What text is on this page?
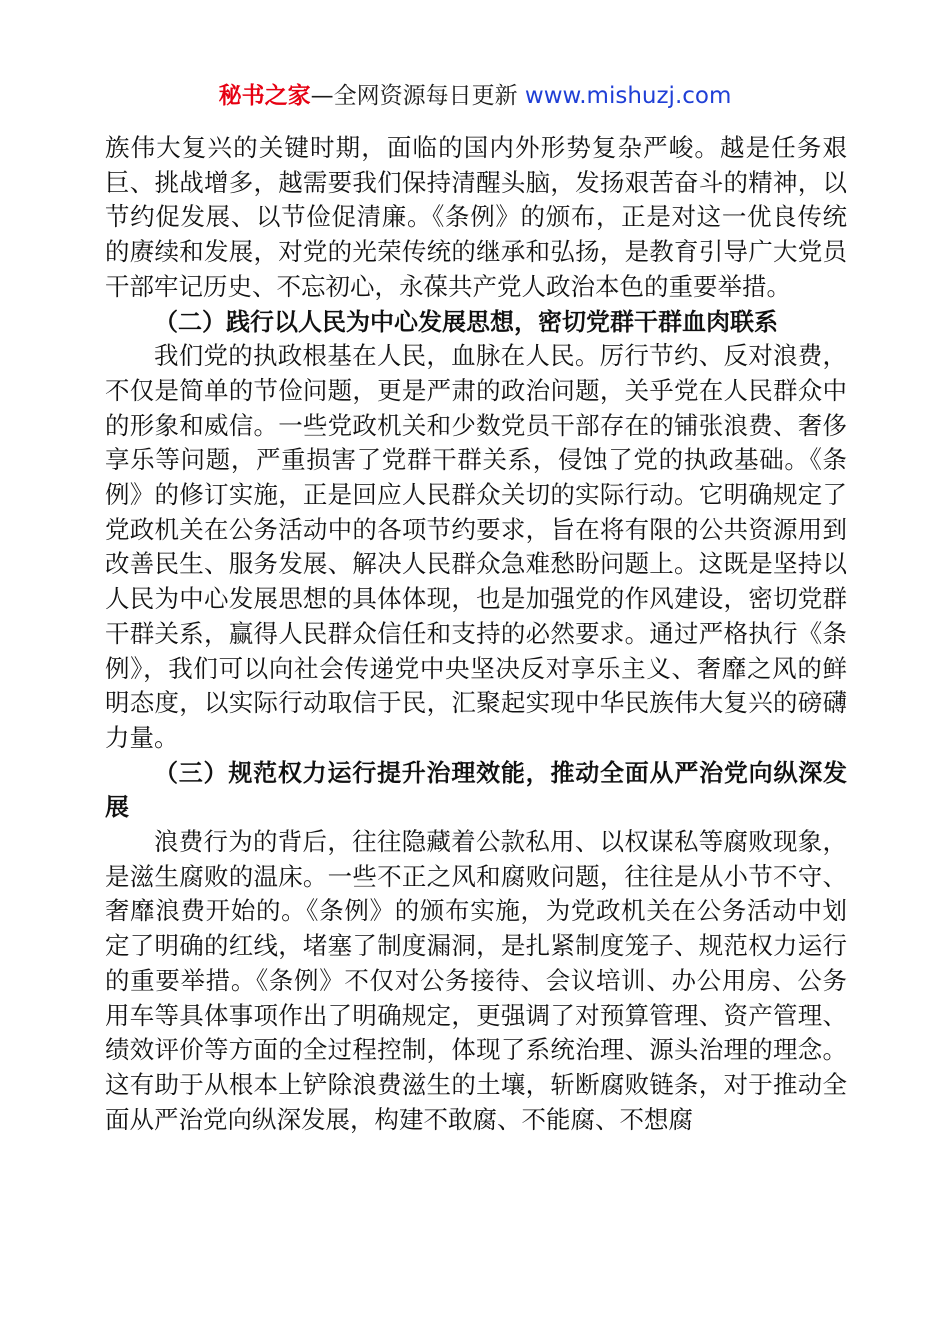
秘书之家—全网资源每日更新 www.mishuzj.com

族伟大复兴的关键时期，面临的国内外形势复杂严峻。越是任务艰巨、挑战增多，越需要我们保持清醒头脑，发扬艰苦奋斗的精神，以节约促发展、以节俭促清廉。《条例》的颁布，正是对这一优良传统的赓续和发展，对党的光荣传统的继承和弘扬，是教育引导广大党员干部牢记历史、不忘初心，永葆共产党人政治本色的重要举措。

（二）践行以人民为中心发展思想，密切党群干群血肉联系

我们党的执政根基在人民，血脉在人民。厉行节约、反对浪费，不仅是简单的节俭问题，更是严肃的政治问题，关乎党在人民群众中的形象和威信。一些党政机关和少数党员干部存在的铺张浪费、奢侈享乐等问题，严重损害了党群干群关系，侵蚀了党的执政基础。《条例》的修订实施，正是回应人民群众关切的实际行动。它明确规定了党政机关在公务活动中的各项节约要求，旨在将有限的公共资源用到改善民生、服务发展、解决人民群众急难愁盼问题上。这既是坚持以人民为中心发展思想的具体体现，也是加强党的作风建设，密切党群干群关系，赢得人民群众信任和支持的必然要求。通过严格执行《条例》，我们可以向社会传递党中央坚决反对享乐主义、奢靡之风的鲜明态度，以实际行动取信于民，汇聚起实现中华民族伟大复兴的磅礴力量。

（三）规范权力运行提升治理效能，推动全面从严治党向纵深发展

浪费行为的背后，往往隐藏着公款私用、以权谋私等腐败现象，是滋生腐败的温床。一些不正之风和腐败问题，往往是从小节不守、奢靡浪费开始的。《条例》的颁布实施，为党政机关在公务活动中划定了明确的红线，堵塞了制度漏洞，是扎紧制度笼子、规范权力运行的重要举措。《条例》不仅对公务接待、会议培训、办公用房、公务用车等具体事项作出了明确规定，更强调了对预算管理、资产管理、绩效评价等方面的全过程控制，体现了系统治理、源头治理的理念。这有助于从根本上铲除浪费滋生的土壤，斩断腐败链条，对于推动全面从严治党向纵深发展，构建不敢腐、不能腐、不想腐
